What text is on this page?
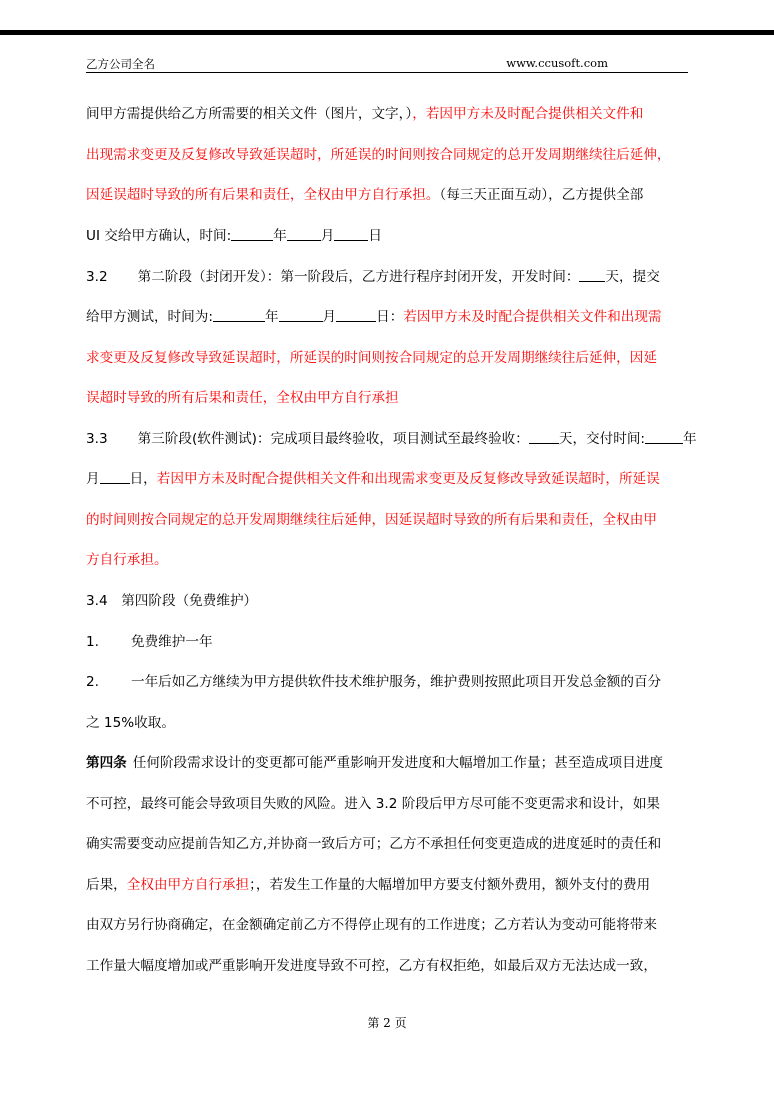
乙方公司全名	www.ccusoft.com
间甲方需提供给乙方所需要的相关文件（图片，文字，），若因甲方未及时配合提供相关文件和
出现需求变更及反复修改导致延误超时，所延误的时间则按合同规定的总开发周期继续往后延伸，
因延误超时导致的所有后果和责任，全权由甲方自行承担。（每三天正面互动），乙方提供全部
UI 交给甲方确认，时间:	年	月	日
3.2 第二阶段（封闭开发）：第一阶段后，乙方进行程序封闭开发，开发时间： 天，提交
给甲方测试，时间为:	年	月	日：若因甲方未及时配合提供相关文件和出现需
求变更及反复修改导致延误超时，所延误的时间则按合同规定的总开发周期继续往后延伸，因延
误超时导致的所有后果和责任，全权由甲方自行承担
3.3 第三阶段(软件测试)：完成项目最终验收，项目测试至最终验收： 天，交付时间:	年
月 日，若因甲方未及时配合提供相关文件和出现需求变更及反复修改导致延误超时，所延误
的时间则按合同规定的总开发周期继续往后延伸，因延误超时导致的所有后果和责任，全权由甲
方自行承担。
3.4　第四阶段（免费维护）
1. 免费维护一年
2. 一年后如乙方继续为甲方提供软件技术维护服务，维护费则按照此项目开发总金额的百分
之 15%收取。
第四条 任何阶段需求设计的变更都可能严重影响开发进度和大幅增加工作量；甚至造成项目进度
不可控，最终可能会导致项目失败的风险。进入 3.2 阶段后甲方尽可能不变更需求和设计，如果
确实需要变动应提前告知乙方,并协商一致后方可；乙方不承担任何变更造成的进度延时的责任和
后果，全权由甲方自行承担；，若发生工作量的大幅增加甲方要支付额外费用，额外支付的费用
由双方另行协商确定，在金额确定前乙方不得停止现有的工作进度；乙方若认为变动可能将带来
工作量大幅度增加或严重影响开发进度导致不可控，乙方有权拒绝，如最后双方无法达成一致，
第 2 页
